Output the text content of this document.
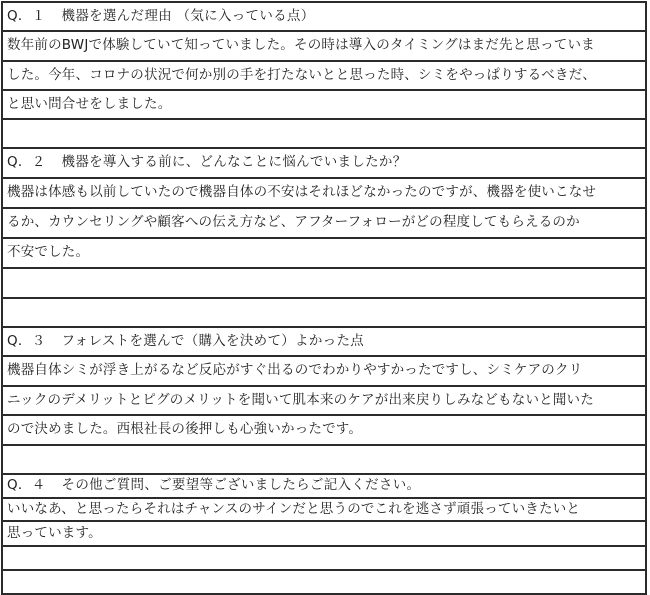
Q．１ 機器を選んだ理由 （気に入っている点）
数年前のBWJで体験していて知っていました。その時は導入のタイミングはまだ先と思っていま
した。今年、コロナの状況で何か別の手を打たないとと思った時、シミをやっぱりするべきだ、
と思い問合せをしました。
Q．２ 機器を導入する前に、どんなことに悩んでいましたか？
機器は体感も以前していたので機器自体の不安はそれほどなかったのですが、機器を使いこなせ
るか、カウンセリングや顧客への伝え方など、アフターフォローがどの程度してもらえるのか
不安でした。
Q．３ フォレストを選んで（購入を決めて）よかった点
機器自体シミが浮き上がるなど反応がすぐ出るのでわかりやすかったですし、シミケアのクリ
ニックのデメリットとピグのメリットを聞いて肌本来のケアが出来戻りしみなどもないと聞いた
ので決めました。西根社長の後押しも心強いかったです。
Q．４ その他ご質問、ご要望等ございましたらご記入ください。
いいなあ、と思ったらそれはチャンスのサインだと思うのでこれを逃さず頑張っていきたいと
思っています。
